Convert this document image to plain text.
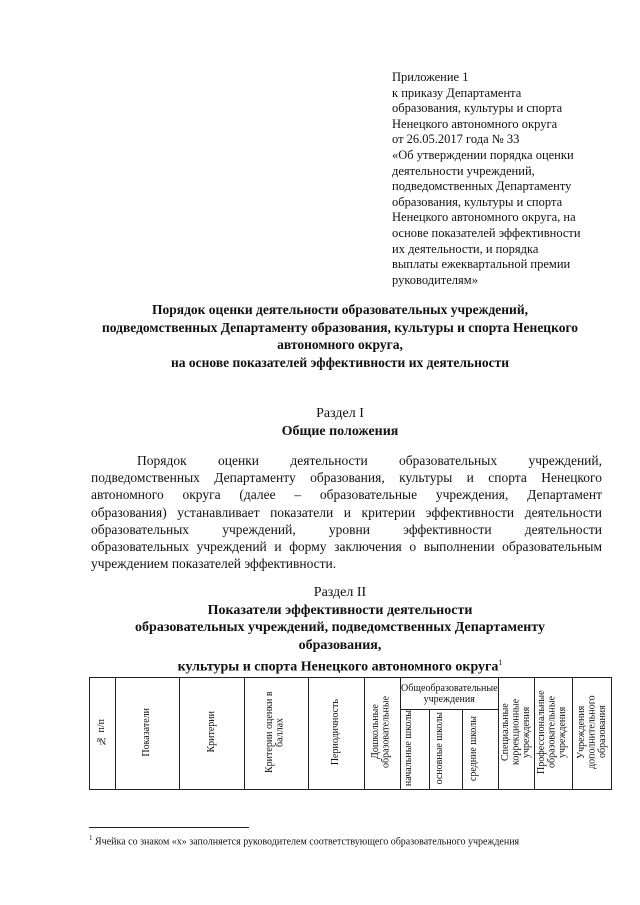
Приложение 1
к приказу Департамента
образования, культуры и спорта
Ненецкого автономного округа
от 26.05.2017 года № 33
«Об утверждении порядка оценки
деятельности учреждений,
подведомственных Департаменту
образования, культуры и спорта
Ненецкого автономного округа, на
основе показателей эффективности
их деятельности, и порядка
выплаты ежеквартальной премии
руководителям»
Порядок оценки деятельности образовательных учреждений,
подведомственных Департаменту образования, культуры и спорта Ненецкого
автономного округа,
на основе показателей эффективности их деятельности
Раздел I
Общие положения
Порядок оценки деятельности образовательных учреждений,
подведомственных Департаменту образования, культуры и спорта Ненецкого
автономного округа (далее – образовательные учреждения, Департамент
образования) устанавливает показатели и критерии эффективности деятельности
образовательных учреждений, уровни эффективности деятельности
образовательных учреждений и форму заключения о выполнении образовательным
учреждением показателей эффективности.
Раздел II
Показатели эффективности деятельности
образовательных учреждений, подведомственных Департаменту
образования,
культуры и спорта Ненецкого автономного округа$^1$
№ п/п	Показатели	Критерии	Критерии оценки в баллах	Периодичность	Дошкольные образовательные	Общеобразовательные учреждения			Специальные коррекционные учреждения	Профессиональные образовательные учреждения	Учреждения дополнительного образования
						начальные школы	основные школы	средние школы			
$^1$ Ячейка со знаком «х» заполняется руководителем соответствующего образовательного учреждения
